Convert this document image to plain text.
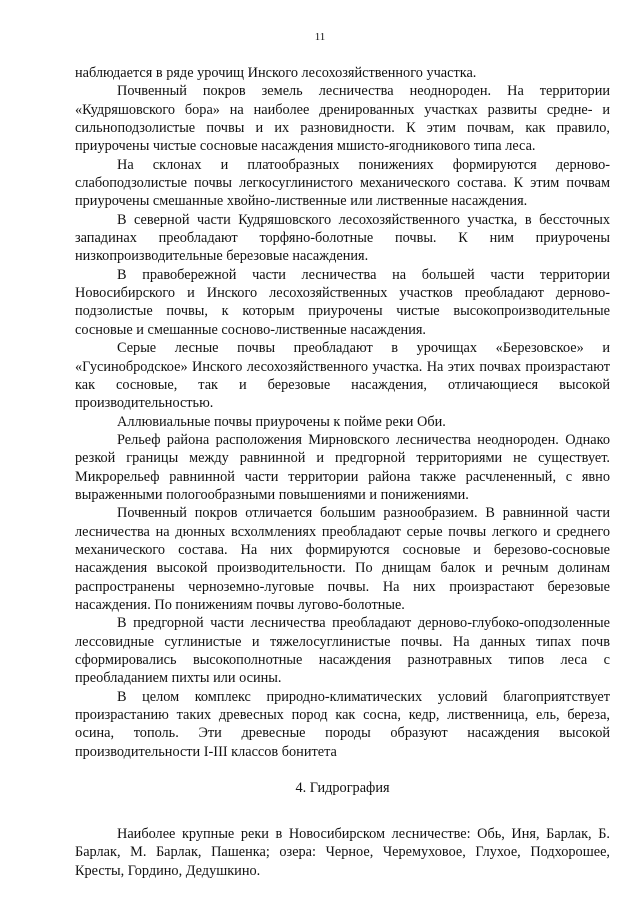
11

наблюдается в ряде урочищ Инского лесохозяйственного участка.

Почвенный покров земель лесничества неоднороден. На территории «Кудряшовского бора» на наиболее дренированных участках развиты средне- и сильноподзолистые почвы и их разновидности. К этим почвам, как правило, приурочены чистые сосновые насаждения мшисто-ягодникового типа леса.

На склонах и платообразных понижениях формируются дерново-слабоподзолистые почвы легкосуглинистого механического состава. К этим почвам приурочены смешанные хвойно-лиственные или лиственные насаждения.

В северной части Кудряшовского лесохозяйственного участка, в бессточных западинах преобладают торфяно-болотные почвы. К ним приурочены низкопроизводительные березовые насаждения.

В правобережной части лесничества на большей части территории Новосибирского и Инского лесохозяйственных участков преобладают дерново-подзолистые почвы, к которым приурочены чистые высокопроизводительные сосновые и смешанные сосново-лиственные насаждения.

Серые лесные почвы преобладают в урочищах «Березовское» и «Гусинобродское» Инского лесохозяйственного участка. На этих почвах произрастают как сосновые, так и березовые насаждения, отличающиеся высокой производительностью.

Аллювиальные почвы приурочены к пойме реки Оби.

Рельеф района расположения Мирновского лесничества неоднороден. Однако резкой границы между равнинной и предгорной территориями не существует. Микрорельеф равнинной части территории района также расчлененный, с явно выраженными пологообразными повышениями и понижениями.

Почвенный покров отличается большим разнообразием. В равнинной части лесничества на дюнных всхолмлениях преобладают серые почвы легкого и среднего механического состава. На них формируются сосновые и березово-сосновые насаждения высокой производительности. По днищам балок и речным долинам распространены черноземно-луговые почвы. На них произрастают березовые насаждения. По понижениям почвы лугово-болотные.

В предгорной части лесничества преобладают дерново-глубоко-оподзоленные лессовидные суглинистые и тяжелосуглинистые почвы. На данных типах почв сформировались высокополнотные насаждения разнотравных типов леса с преобладанием пихты или осины.

В целом комплекс природно-климатических условий благоприятствует произрастанию таких древесных пород как сосна, кедр, лиственница, ель, береза, осина, тополь. Эти древесные породы образуют насаждения высокой производительности I-III классов бонитета

4. Гидрография

Наиболее крупные реки в Новосибирском лесничестве: Обь, Иня, Барлак, Б. Барлак, М. Барлак, Пашенка; озера: Черное, Черемуховое, Глухое, Подхорошее, Кресты, Гордино, Дедушкино.
